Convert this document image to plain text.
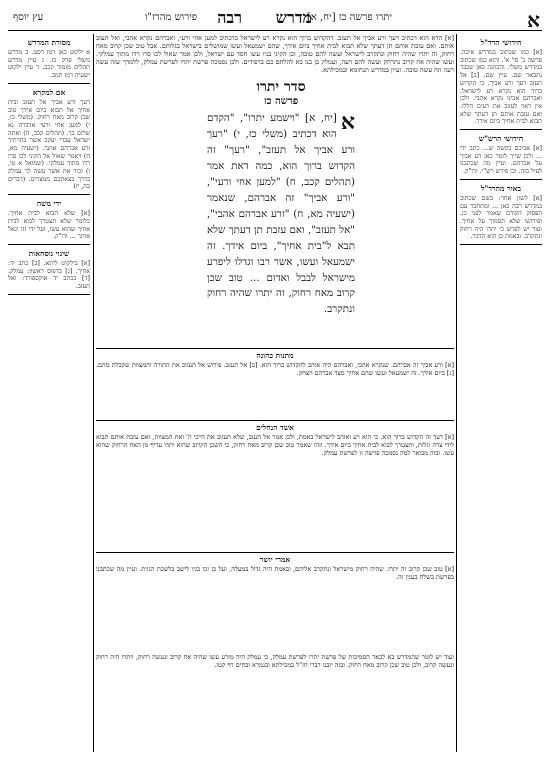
א
מדרש
רבה	יתרו פרשה כז [יח, א]
פירוש מהרז"ו
עץ יוסף
חידושי הרד"ל
[א] כמו שכתוב במדרש איכה. פרשה ב' סי' א'. והוא כמו שכתוב במדרש משלי. והכוונה כאן שכבר נתבאר שם. עיין שם. [ב] אל תעזב רעך ורע אביך. כי הקדוש ברוך הוא נקרא רע לישראל. ואברהם אבינו נקרא אהבי. ולכן אין ראוי לעזוב את רעים הללו. ואם עזבת אותם תן דעתך שלא תבוא לבית אחיך ביום אידך.
חידושי הרש"ש
[א] אביכם בקשה ש... כתב ידי ... ולכן שייך לומר כאן רע אביך על אברהם. ועיין מה שכתבנו לעיל בזה. וכן פירש רש"י. ודו"ק.
באור מהרד"ל
[א] לשון אחר: בשם שכתוב במדרש רבה כאן ... ומתחבר עם הפסוק הקודם שאמר לפני כן. ופירושו שלא תסמוך על אחיך. ועוד יש לפרש כי יתרו היה רחוק ונתקרב. ובאמת כן הוא הדבר.
מסורת המדרש
א ילקוט כאן רמז רסט. ב מדרש משלי פרק כז. ג עיין מדרש תהלים מזמור קכב. ד עיין ילקוט ישעיה רמז תמב.
אם למקרא
רעך ורע אביך אל תעזב ובית אחיך אל תבוא ביום אידך טוב שכן קרוב מאח רחוק. (משלי כז, י) למען אחי ורעי אדברה נא שלום בך. (תהלים קכב, ח) ואתה ישראל עבדי יעקב אשר בחרתיך זרע אברהם אהבי. (ישעיה מא, ח) ויאמר שאול אל הקיני לכו סרו רדו מתוך עמלקי. (שמואל א טו, ו) זכור את אשר עשה לך עמלק בדרך בצאתכם ממצרים. (דברים כה, יז)
ידי משה
[א] שלא תבוא לבית אחיך. כלומר שלא תצטרך לבוא לבית אחיך שהוא עשו, ועל ידי זה יגאל אותך ... ודו"ק.
שינוי נוסחאות
[א] בילקוט ליתא. [ב] כתב יד: אחיך. [ג] בדפוס ראשון: עמלק. [ד] בכתב יד אוקספורד: ואל תעזב.
[א] הדא הוא דכתיב רעך ורע אביך אל תעזב. דהקדוש ברוך הוא נקרא רע לישראל כדכתיב למען אחי ורעי, ואברהם נקרא אהבי, ואל תעזב אותם. ואם עזבת אותם תן דעתך שלא תבוא לבית אחיך ביום אידך, שהם ישמעאל ועשו שמושלים בישראל בגלותם. אבל טוב שכן קרוב מאח רחוק, זה יתרו שהיה רחוק ונתקרב לישראל ועשה להם טובה, וכן הקיני בניו עשו חסד עם ישראל, ולכן אמר שאול לכו סרו רדו מתוך עמלקי. ועשו שהיה אח קרוב נתרחק ועשה להם רעה, ועמלק בן בנו בא להלחם בם ברפידים. ולכן נסמכה פרשת יתרו לפרשת עמלק, ללמדך שזה עשה רעה וזה עשה טובה. ועיין במדרש תנחומא ובמכילתא.
סדר יתרו
פרשה כז
א
[יח, א] "וישמע יתרו", "הקדם הוא דכתיב (משלי כז, י) "רעך ורע אביך אל תעזב", "רעך" זה הקדוש ברוך הוא, כמה דאת אמר (תהלים קכב, ח) "למען אחי ורעי", "ורע אביך" זה אברהם, שנאמר (ישעיה מא, ח) "זרע אברהם אהבי", "אל תעזב", ואם עזבת תן דעתך שלא תבא ל"בית אחיך", ביום אידך. זה ישמעאל ועשו, אשר רבו וגדלו ליפרע מישראל לבבל ואדום ... טוב שכן קרוב מאח רחוק, זה יתרו שהיה רחוק ונתקרב.
מתנות כהונה
[א] ורע אביך זה אברהם. שנקרא אהבי, ואברהם היה אוהב להקדוש ברוך הוא. [ב] אל תעזב. פירוש אל תעזוב את התורה והמצוות שקבלת מהם. [ג] ביום אידך. זה ישמעאל ועשו שהם אחיך מצד אברהם ויצחק.
אשד הנחלים
[א] רעך זה הקדוש ברוך הוא. כי הוא רע ואוהב לישראל באמת, ולכן אמר אל תעזב, שלא תעזוב את דרכי ה' ואת המצוות, ואם עזבת אותם תבוא לידי צרה וגלות, ותצטרך לבוא לבית אחיך ביום אידך. וזהו שאמר טוב שכן קרוב מאח רחוק, כי השכן הקרוב שהוא יתרו עדיף מן האח הרחוק שהוא עשו. ובזה מבואר למה נסמכה פרשה זו לפרשת עמלק.
אמרי יושר
[א] טוב שכן קרוב זה יתרו. שהיה רחוק מישראל ונתקרב אליהם, ובאמת היה גדול במעלה, ועל כן זכו בניו לישב בלשכת הגזית. ועיין מה שכתבנו בפרשת בשלח בענין זה.
ועוד יש לומר שהמדרש בא לבאר הסמיכות של פרשת יתרו לפרשת עמלק, כי עמלק היה מזרע עשו שהיה אח קרוב ונעשה רחוק, ויתרו היה רחוק ונעשה קרוב, ולכן טוב שכן קרוב מאח רחוק. ובזה יובנו דברי חז"ל במכילתא ובגמרא זבחים דף קטז.
